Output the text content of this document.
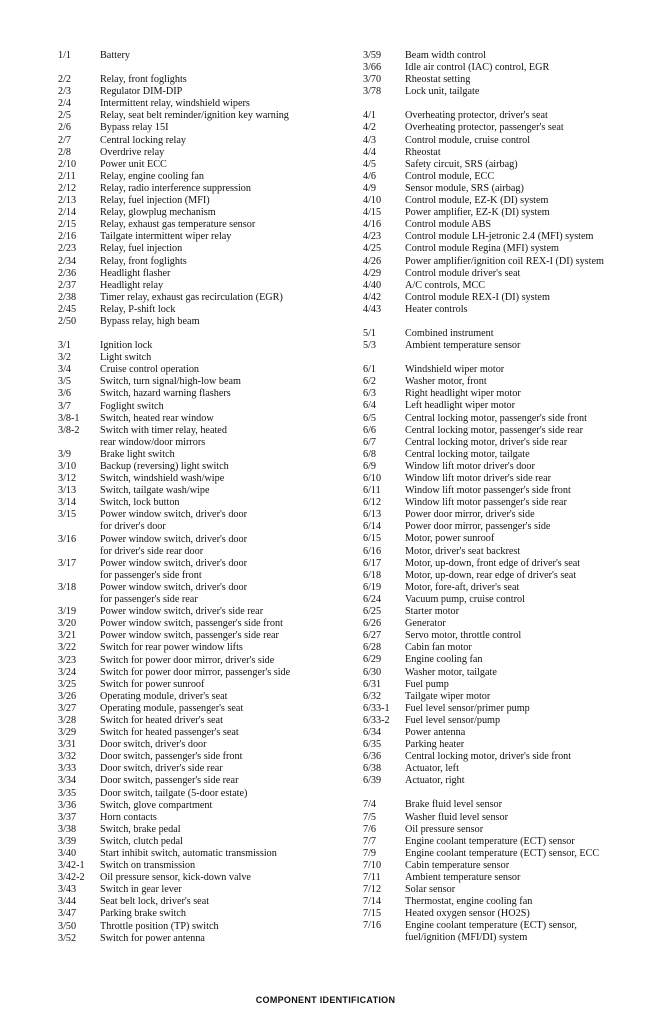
1/1	Battery
2/2	Relay, front foglights
2/3	Regulator DIM-DIP
2/4	Intermittent relay, windshield wipers
2/5	Relay, seat belt reminder/ignition key warning
2/6	Bypass relay 15I
2/7	Central locking relay
2/8	Overdrive relay
2/10	Power unit ECC
2/11	Relay, engine cooling fan
2/12	Relay, radio interference suppression
2/13	Relay, fuel injection (MFI)
2/14	Relay, glowplug mechanism
2/15	Relay, exhaust gas temperature sensor
2/16	Tailgate intermittent wiper relay
2/23	Relay, fuel injection
2/34	Relay, front foglights
2/36	Headlight flasher
2/37	Headlight relay
2/38	Timer relay, exhaust gas recirculation (EGR)
2/45	Relay, P-shift lock
2/50	Bypass relay, high beam
3/1	Ignition lock
3/2	Light switch
3/4	Cruise control operation
3/5	Switch, turn signal/high-low beam
3/6	Switch, hazard warning flashers
3/7	Foglight switch
3/8-1	Switch, heated rear window
3/8-2	Switch with timer relay, heated
rear window/door mirrors
3/9	Brake light switch
3/10	Backup (reversing) light switch
3/12	Switch, windshield wash/wipe
3/13	Switch, tailgate wash/wipe
3/14	Switch, lock button
3/15	Power window switch, driver's door
for driver's door
3/16	Power window switch, driver's door
for driver's side rear door
3/17	Power window switch, driver's door
for passenger's side front
3/18	Power window switch, driver's door
for passenger's side rear
3/19	Power window switch, driver's side rear
3/20	Power window switch, passenger's side front
3/21	Power window switch, passenger's side rear
3/22	Switch for rear power window lifts
3/23	Switch for power door mirror, driver's side
3/24	Switch for power door mirror, passenger's side
3/25	Switch for power sunroof
3/26	Operating module, driver's seat
3/27	Operating module, passenger's seat
3/28	Switch for heated driver's seat
3/29	Switch for heated passenger's seat
3/31	Door switch, driver's door
3/32	Door switch, passenger's side front
3/33	Door switch, driver's side rear
3/34	Door switch, passenger's side rear
3/35	Door switch, tailgate (5-door estate)
3/36	Switch, glove compartment
3/37	Horn contacts
3/38	Switch, brake pedal
3/39	Switch, clutch pedal
3/40	Start inhibit switch, automatic transmission
3/42-1	Switch on transmission
3/42-2	Oil pressure sensor, kick-down valve
3/43	Switch in gear lever
3/44	Seat belt lock, driver's seat
3/47	Parking brake switch
3/50	Throttle position (TP) switch
3/52	Switch for power antenna
3/59	Beam width control
3/66	Idle air control (IAC) control, EGR
3/70	Rheostat setting
3/78	Lock unit, tailgate
4/1	Overheating protector, driver's seat
4/2	Overheating protector, passenger's seat
4/3	Control module, cruise control
4/4	Rheostat
4/5	Safety circuit, SRS (airbag)
4/6	Control module, ECC
4/9	Sensor module, SRS (airbag)
4/10	Control module, EZ-K (DI) system
4/15	Power amplifier, EZ-K (DI) system
4/16	Control module ABS
4/23	Control module LH-jetronic 2.4 (MFI) system
4/25	Control module Regina (MFI) system
4/26	Power amplifier/ignition coil REX-I (DI) system
4/29	Control module driver's seat
4/40	A/C controls, MCC
4/42	Control module REX-I (DI) system
4/43	Heater controls
5/1	Combined instrument
5/3	Ambient temperature sensor
6/1	Windshield wiper motor
6/2	Washer motor, front
6/3	Right headlight wiper motor
6/4	Left headlight wiper motor
6/5	Central locking motor, passenger's side front
6/6	Central locking motor, passenger's side rear
6/7	Central locking motor, driver's side rear
6/8	Central locking motor, tailgate
6/9	Window lift motor driver's door
6/10	Window lift motor driver's side rear
6/11	Window lift motor passenger's side front
6/12	Window lift motor passenger's side rear
6/13	Power door mirror, driver's side
6/14	Power door mirror, passenger's side
6/15	Motor, power sunroof
6/16	Motor, driver's seat backrest
6/17	Motor, up-down, front edge of driver's seat
6/18	Motor, up-down, rear edge of driver's seat
6/19	Motor, fore-aft, driver's seat
6/24	Vacuum pump, cruise control
6/25	Starter motor
6/26	Generator
6/27	Servo motor, throttle control
6/28	Cabin fan motor
6/29	Engine cooling fan
6/30	Washer motor, tailgate
6/31	Fuel pump
6/32	Tailgate wiper motor
6/33-1	Fuel level sensor/primer pump
6/33-2	Fuel level sensor/pump
6/34	Power antenna
6/35	Parking heater
6/36	Central locking motor, driver's side front
6/38	Actuator, left
6/39	Actuator, right
7/4	Brake fluid level sensor
7/5	Washer fluid level sensor
7/6	Oil pressure sensor
7/7	Engine coolant temperature (ECT) sensor
7/9	Engine coolant temperature (ECT) sensor, ECC
7/10	Cabin temperature sensor
7/11	Ambient temperature sensor
7/12	Solar sensor
7/14	Thermostat, engine cooling fan
7/15	Heated oxygen sensor (HO2S)
7/16	Engine coolant temperature (ECT) sensor,
fuel/ignition (MFI/DI) system
COMPONENT IDENTIFICATION
